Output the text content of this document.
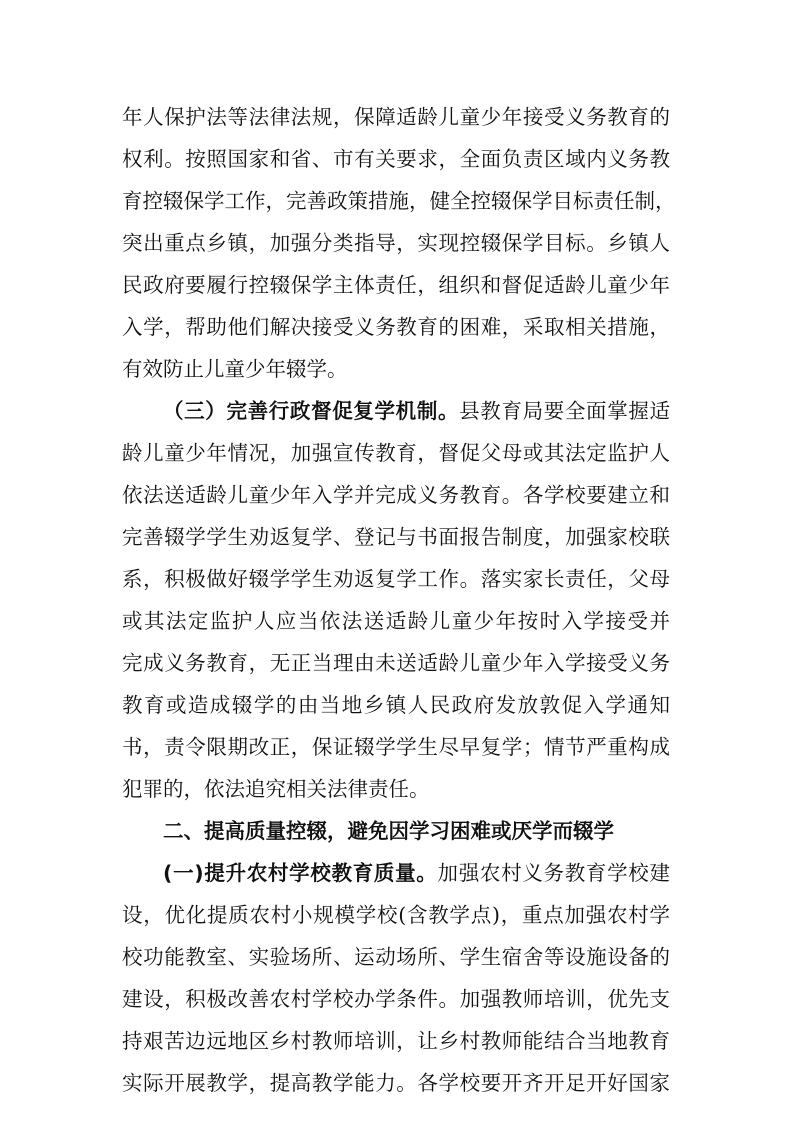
年人保护法等法律法规，保障适龄儿童少年接受义务教育的
权利。按照国家和省、市有关要求，全面负责区域内义务教
育控辍保学工作，完善政策措施，健全控辍保学目标责任制，
突出重点乡镇，加强分类指导，实现控辍保学目标。乡镇人
民政府要履行控辍保学主体责任，组织和督促适龄儿童少年
入学，帮助他们解决接受义务教育的困难，采取相关措施，
有效防止儿童少年辍学。
（三）完善行政督促复学机制。县教育局要全面掌握适
龄儿童少年情况，加强宣传教育，督促父母或其法定监护人
依法送适龄儿童少年入学并完成义务教育。各学校要建立和
完善辍学学生劝返复学、登记与书面报告制度，加强家校联
系，积极做好辍学学生劝返复学工作。落实家长责任，父母
或其法定监护人应当依法送适龄儿童少年按时入学接受并
完成义务教育，无正当理由未送适龄儿童少年入学接受义务
教育或造成辍学的由当地乡镇人民政府发放敦促入学通知
书，责令限期改正，保证辍学学生尽早复学；情节严重构成
犯罪的，依法追究相关法律责任。
二、提高质量控辍，避免因学习困难或厌学而辍学
(一)提升农村学校教育质量。加强农村义务教育学校建
设，优化提质农村小规模学校(含教学点)，重点加强农村学
校功能教室、实验场所、运动场所、学生宿舍等设施设备的
建设，积极改善农村学校办学条件。加强教师培训，优先支
持艰苦边远地区乡村教师培训，让乡村教师能结合当地教育
实际开展教学，提高教学能力。各学校要开齐开足开好国家
